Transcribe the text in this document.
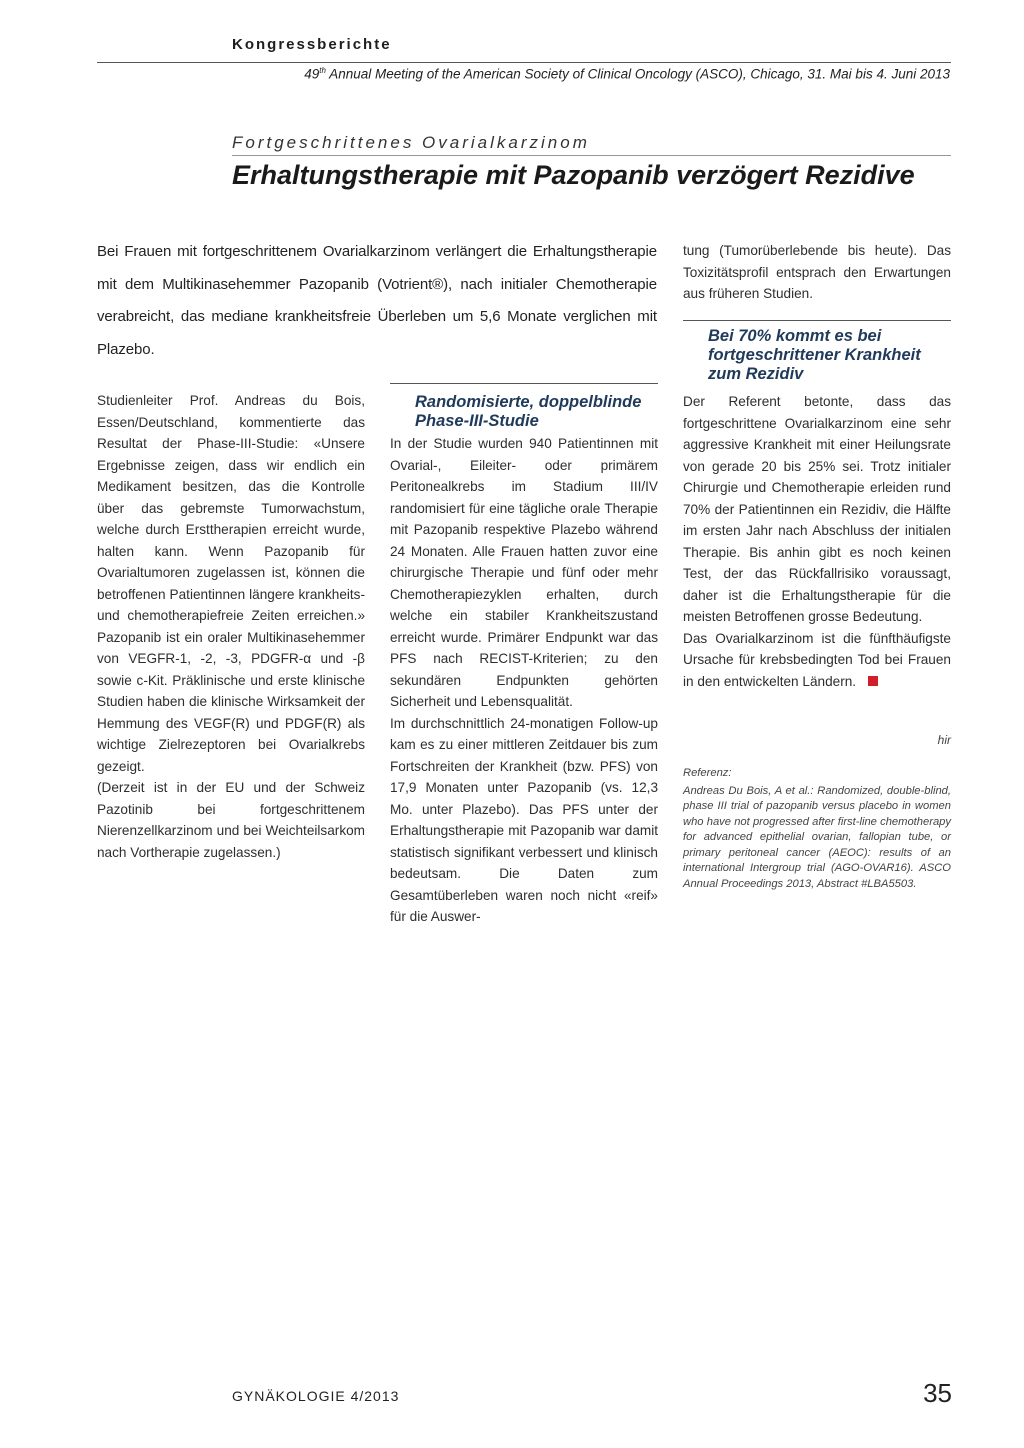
Kongressberichte
49th Annual Meeting of the American Society of Clinical Oncology (ASCO), Chicago, 31. Mai bis 4. Juni 2013
Fortgeschrittenes Ovarialkarzinom
Erhaltungstherapie mit Pazopanib verzögert Rezidive

Bei Frauen mit fortgeschrittenem Ovarialkarzinom verlängert die Erhaltungstherapie mit dem Multikinasehemmer Pazopanib (Votrient®), nach initialer Chemotherapie verabreicht, das mediane krankheitsfreie Überleben um 5,6 Monate verglichen mit Plazebo.

Studienleiter Prof. Andreas du Bois, Essen/Deutschland, kommentierte das Resultat der Phase-III-Studie: «Unsere Ergebnisse zeigen, dass wir endlich ein Medikament besitzen, das die Kontrolle über das gebremste Tumorwachstum, welche durch Ersttherapien erreicht wurde, halten kann. Wenn Pazopanib für Ovarialtumoren zugelassen ist, können die betroffenen Patientinnen längere krankheits- und chemotherapiefreie Zeiten erreichen.» Pazopanib ist ein oraler Multikinasehemmer von VEGFR-1, -2, -3, PDGFR-α und -β sowie c-Kit. Präklinische und erste klinische Studien haben die klinische Wirksamkeit der Hemmung des VEGF(R) und PDGF(R) als wichtige Zielrezeptoren bei Ovarialkrebs gezeigt.

(Derzeit ist in der EU und der Schweiz Pazotinib bei fortgeschrittenem Nierenzellkarzinom und bei Weichteilsarkom nach Vortherapie zugelassen.)

Randomisierte, doppelblinde Phase-III-Studie

In der Studie wurden 940 Patientinnen mit Ovarial-, Eileiter- oder primärem Peritonealkrebs im Stadium III/IV randomisiert für eine tägliche orale Therapie mit Pazopanib respektive Plazebo während 24 Monaten. Alle Frauen hatten zuvor eine chirurgische Therapie und fünf oder mehr Chemotherapiezyklen erhalten, durch welche ein stabiler Krankheitszustand erreicht wurde. Primärer Endpunkt war das PFS nach RECIST-Kriterien; zu den sekundären Endpunkten gehörten Sicherheit und Lebensqualität.

Im durchschnittlich 24-monatigen Follow-up kam es zu einer mittleren Zeitdauer bis zum Fortschreiten der Krankheit (bzw. PFS) von 17,9 Monaten unter Pazopanib (vs. 12,3 Mo. unter Plazebo). Das PFS unter der Erhaltungstherapie mit Pazopanib war damit statistisch signifikant verbessert und klinisch bedeutsam. Die Daten zum Gesamtüberleben waren noch nicht «reif» für die Auswer-

tung (Tumorüberlebende bis heute). Das Toxizitätsprofil entsprach den Erwartungen aus früheren Studien.

Bei 70% kommt es bei fortgeschrittener Krankheit zum Rezidiv

Der Referent betonte, dass das fortgeschrittene Ovarialkarzinom eine sehr aggressive Krankheit mit einer Heilungsrate von gerade 20 bis 25% sei. Trotz initialer Chirurgie und Chemotherapie erleiden rund 70% der Patientinnen ein Rezidiv, die Hälfte im ersten Jahr nach Abschluss der initialen Therapie. Bis anhin gibt es noch keinen Test, der das Rückfallrisiko voraussagt, daher ist die Erhaltungstherapie für die meisten Betroffenen grosse Bedeutung.

Das Ovarialkarzinom ist die fünfthäufigste Ursache für krebsbedingten Tod bei Frauen in den entwickelten Ländern.

hir

Referenz:

Andreas Du Bois, A et al.: Randomized, double-blind, phase III trial of pazopanib versus placebo in women who have not progressed after first-line chemotherapy for advanced epithelial ovarian, fallopian tube, or primary peritoneal cancer (AEOC): results of an international Intergroup trial (AGO-OVAR16). ASCO Annual Proceedings 2013, Abstract #LBA5503.

GYNÄKOLOGIE 4/2013	35
